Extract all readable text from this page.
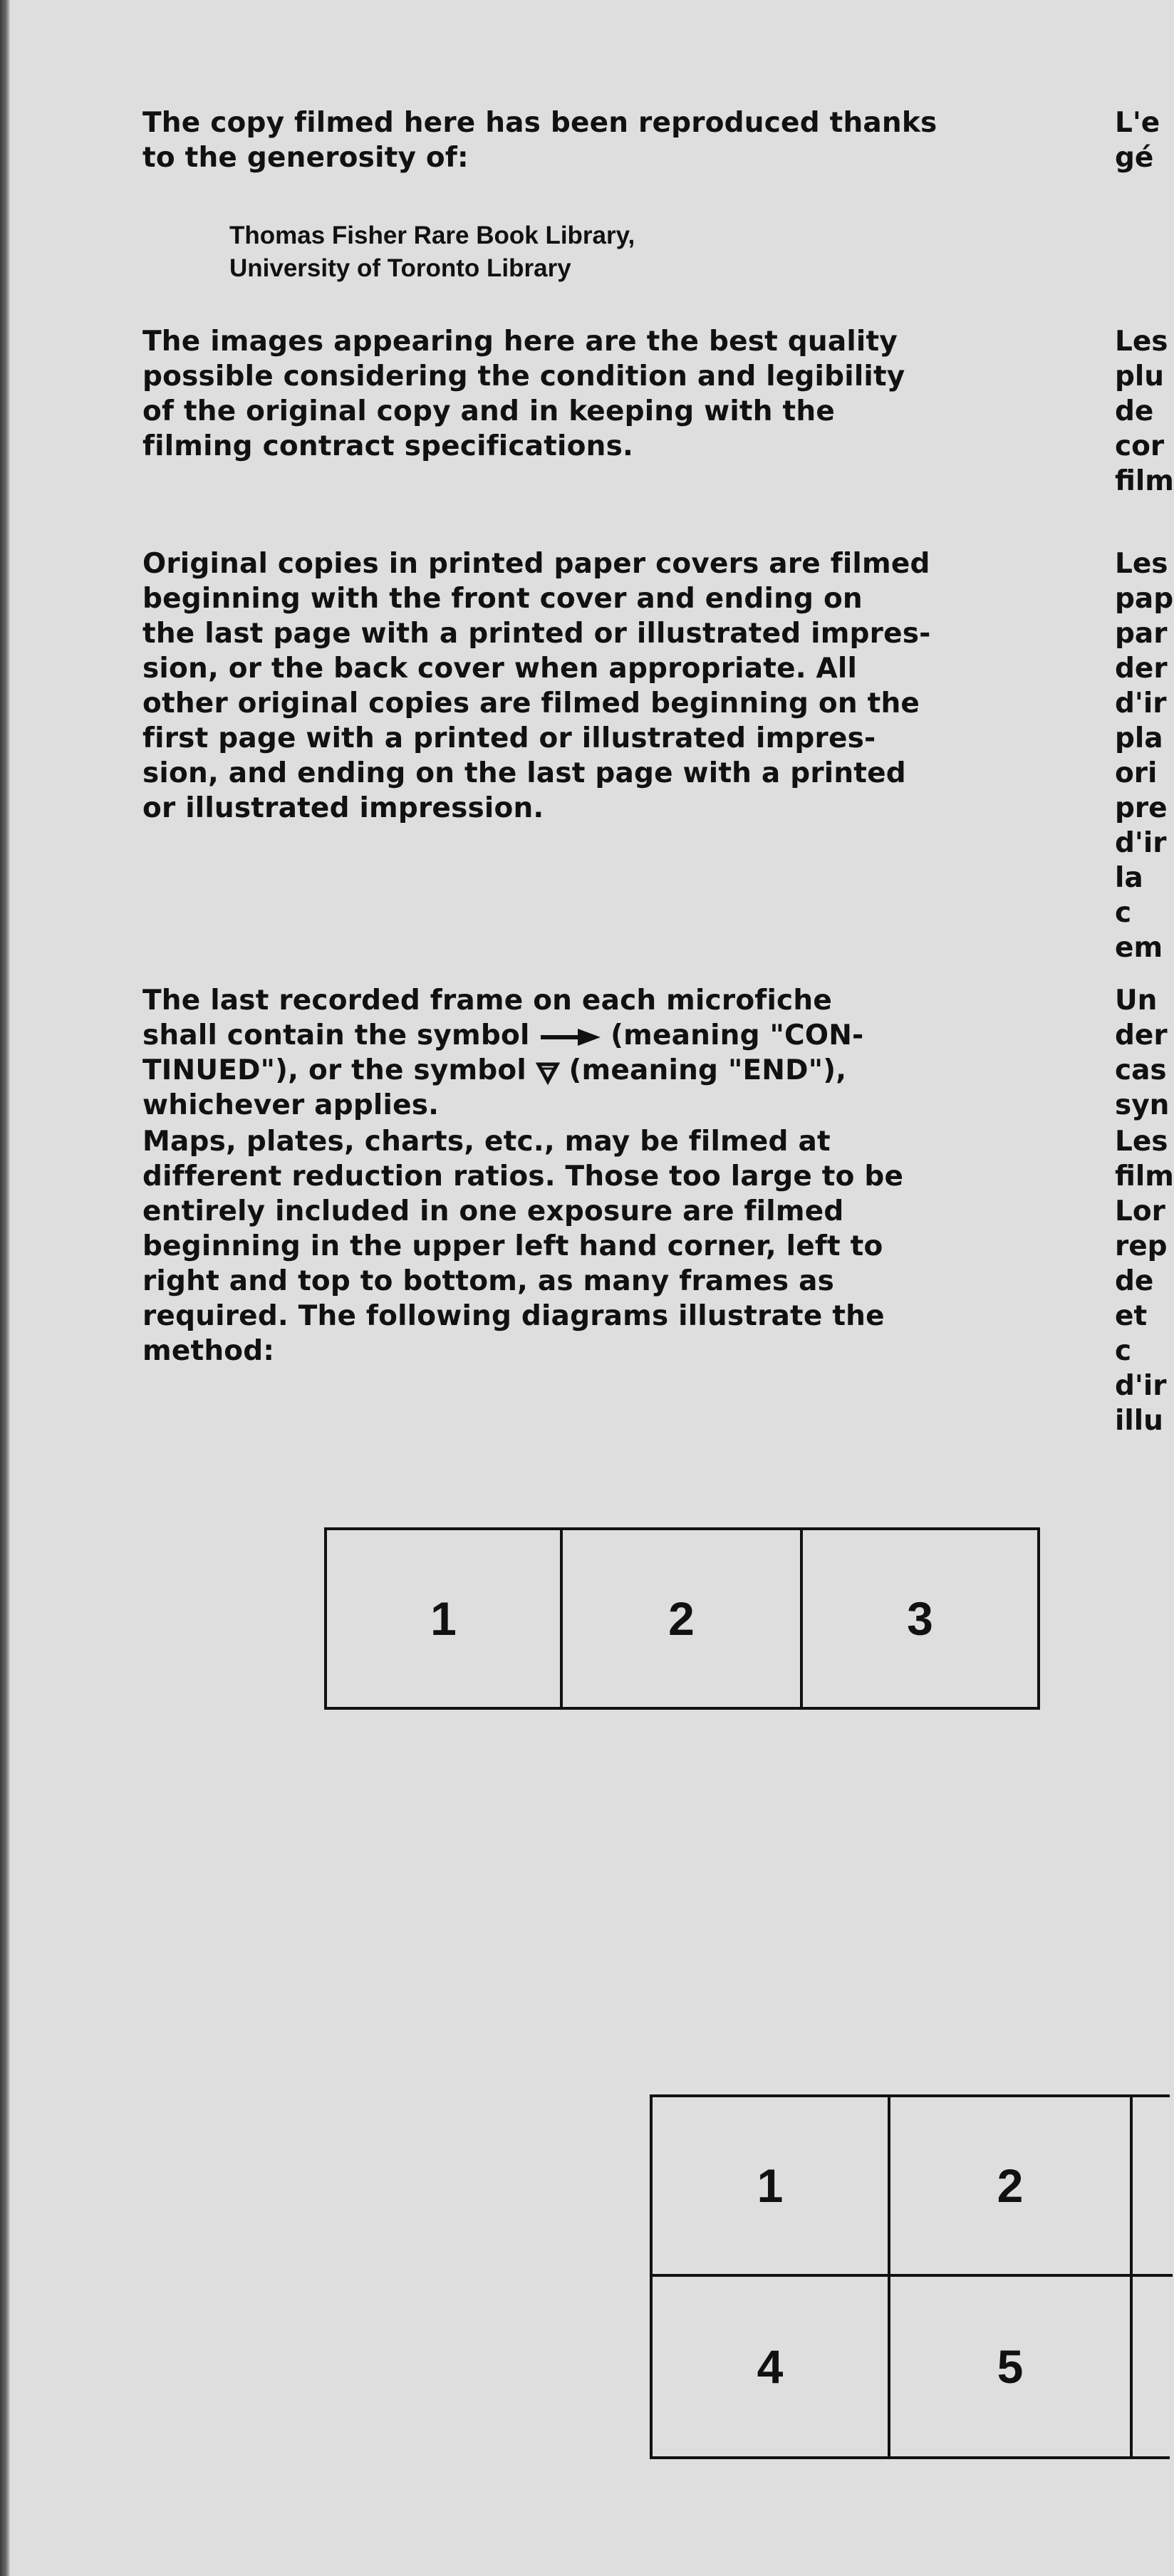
The copy filmed here has been reproduced thanks
to the generosity of:
Thomas Fisher Rare Book Library,
University of Toronto Library
The images appearing here are the best quality
possible considering the condition and legibility
of the original copy and in keeping with the
filming contract specifications.
Original copies in printed paper covers are filmed
beginning with the front cover and ending on
the last page with a printed or illustrated impres-
sion, or the back cover when appropriate. All
other original copies are filmed beginning on the
first page with a printed or illustrated impres-
sion, and ending on the last page with a printed
or illustrated impression.
The last recorded frame on each microfiche
shall contain the symbol  (meaning "CON-
TINUED"), or the symbol  (meaning "END"),
whichever applies.
Maps, plates, charts, etc., may be filmed at
different reduction ratios. Those too large to be
entirely included in one exposure are filmed
beginning in the upper left hand corner, left to
right and top to bottom, as many frames as
required. The following diagrams illustrate the
method:
L'e
gé
Les
plu
de
cor
film
Les
pap
par
der
d'ir
pla
ori
pre
d'ir
la c
em
Un
der
cas
syn
Les
film
Lor
rep
de
et c
d'ir
illu
1	2	3
1	2
4	5
